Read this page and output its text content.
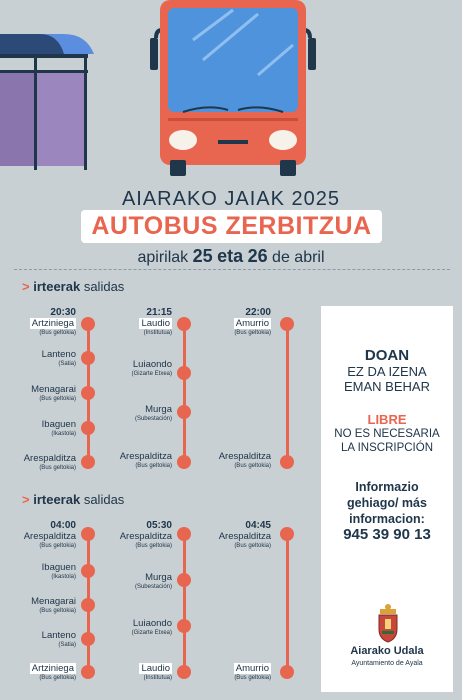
AIARAKO JAIAK 2025
AUTOBUS ZERBITZUA
apirilak 25 eta 26 de abril
> irteerak salidas
20:30
Artziniega
(Bus geltokia)
Lanteno
(Satia)
Menagarai
(Bus geltokia)
Ibaguen
(Ikastola)
Arespalditza
(Bus geltokia)
21:15
Laudio
(Institutua)
Luiaondo
(Gizarte Etxea)
Murga
(Subestación)
Arespalditza
(Bus geltokia)
22:00
Amurrio
(Bus geltokia)
Arespalditza
(Bus geltokia)
> irteerak salidas
04:00
Arespalditza
(Bus geltokia)
Ibaguen
(Ikastola)
Menagarai
(Bus geltokia)
Lanteno
(Satia)
Artziniega
(Bus geltokia)
05:30
Arespalditza
(Bus geltokia)
Murga
(Subestación)
Luiaondo
(Gizarte Etxea)
Laudio
(Institutua)
04:45
Arespalditza
(Bus geltokia)
Amurrio
(Bus geltokia)
DOAN
EZ DA IZENA
EMAN BEHAR
LIBRE
NO ES NECESARIA
LA INSCRIPCIÓN
Informazio
gehiago/ más
informacion:
945 39 90 13
Aiarako Udala
Ayuntamiento de Ayala
